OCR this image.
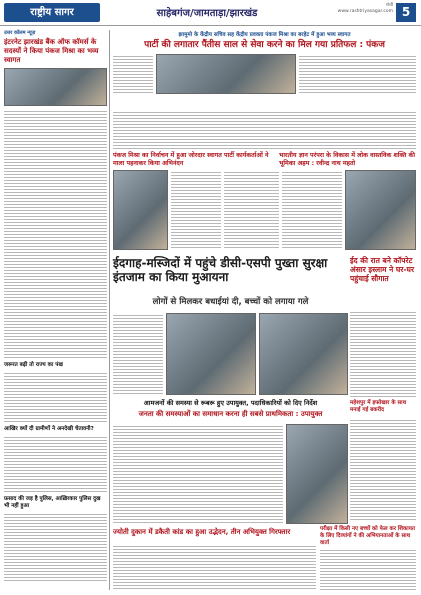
राष्ट्रीय सागर	साहेबगंज/जामताड़ा/झारखंड
रांची
www.rashtriyasagar.com 5
उत्तर कॉलम न्यूज़
इंटरनेट झारखंड बैंक ऑफ कॉमर्स के सदस्यों ने किया पंकज मिश्रा का भव्य स्वागत
जरूरत बढ़ी तो राज्य का पंख
आखिर क्यों दी ग्रामीणों ने अनदेखी चेतावनी?
फ़साद की जड़ है पुलिस, आख़िरकार पुलिस दुख भी नहीं हुआ
झामुमो के केंद्रीय सचिव सह केंद्रीय प्रवक्ता पंकज मिश्रा का बरहेट में हुआ भव्य स्वागत
पार्टी की लगातार पैंतीस साल से सेवा करने का मिल गया प्रतिफल : पंकज
पंकज मिश्रा का निर्वाचन में हुआ जोरदार स्वागत पार्टी कार्यकर्ताओं ने माला पहनाकर किया अभिनंदन
भारतीय ज्ञान परंपरा के विकास में लोक वास्तविक शक्ति की भूमिका अहम : रवीन्द्र नाथ महतो
ईदगाह-मस्जिदों में पहुंचे डीसी-एसपी पुख्ता सुरक्षा इंतजाम का किया मुआयना
लोगों से मिलकर बधाईयां दी, बच्चों को लगाया गले
ईद की रात बने कॉपरेट अंसार इस्लाम ने घर-घर पहुंचाई सौगात
आमजनों की समस्या से रूबरू हुए उपायुक्त, पदाधिकारियों को दिए निर्देश
जनता की समस्याओं का समाधान करना ही सबसे प्राथमिकता : उपायुक्त
महेशपुर में इफ्तेखार के साथ मनाई गई बकरीद
ज्योती दुकान में डकैती कांड का हुआ उद्भेदन, तीन अभियुक्त गिरफ्तार	परीक्षा में किसी नए बच्चों को फेल कर शिकायत के लिए दिव्यांगों ने की अभियानताओं के साथ वार्ता
